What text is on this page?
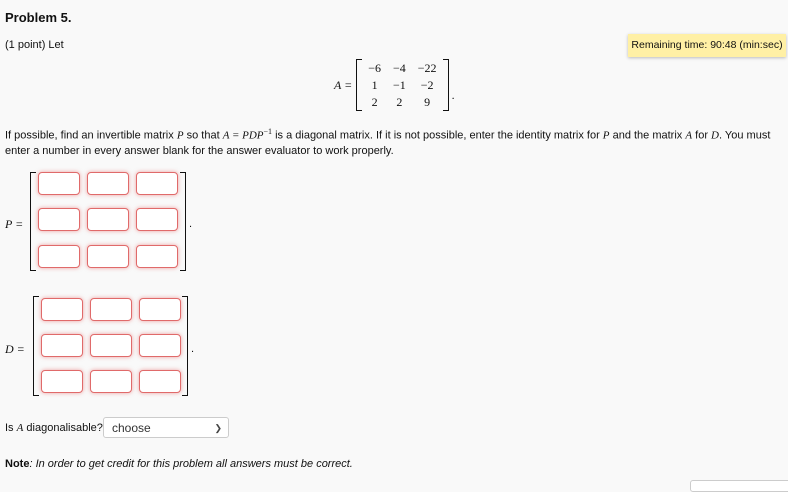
Problem 5.
(1 point) Let	Remaining time: 90:48 (min:sec)
A =
−6	−4	−22
1	−1	−2
2	2	9 .
If possible, find an invertible matrix P so that $A = PDP^{-1}$ is a diagonal matrix. If it is not possible, enter the identity matrix for P and the matrix A for D. You must enter a number in every answer blank for the answer evaluator to work properly.
P =	.
D =	.
Is A diagonalisable? choose	❯
Note: In order to get credit for this problem all answers must be correct.
